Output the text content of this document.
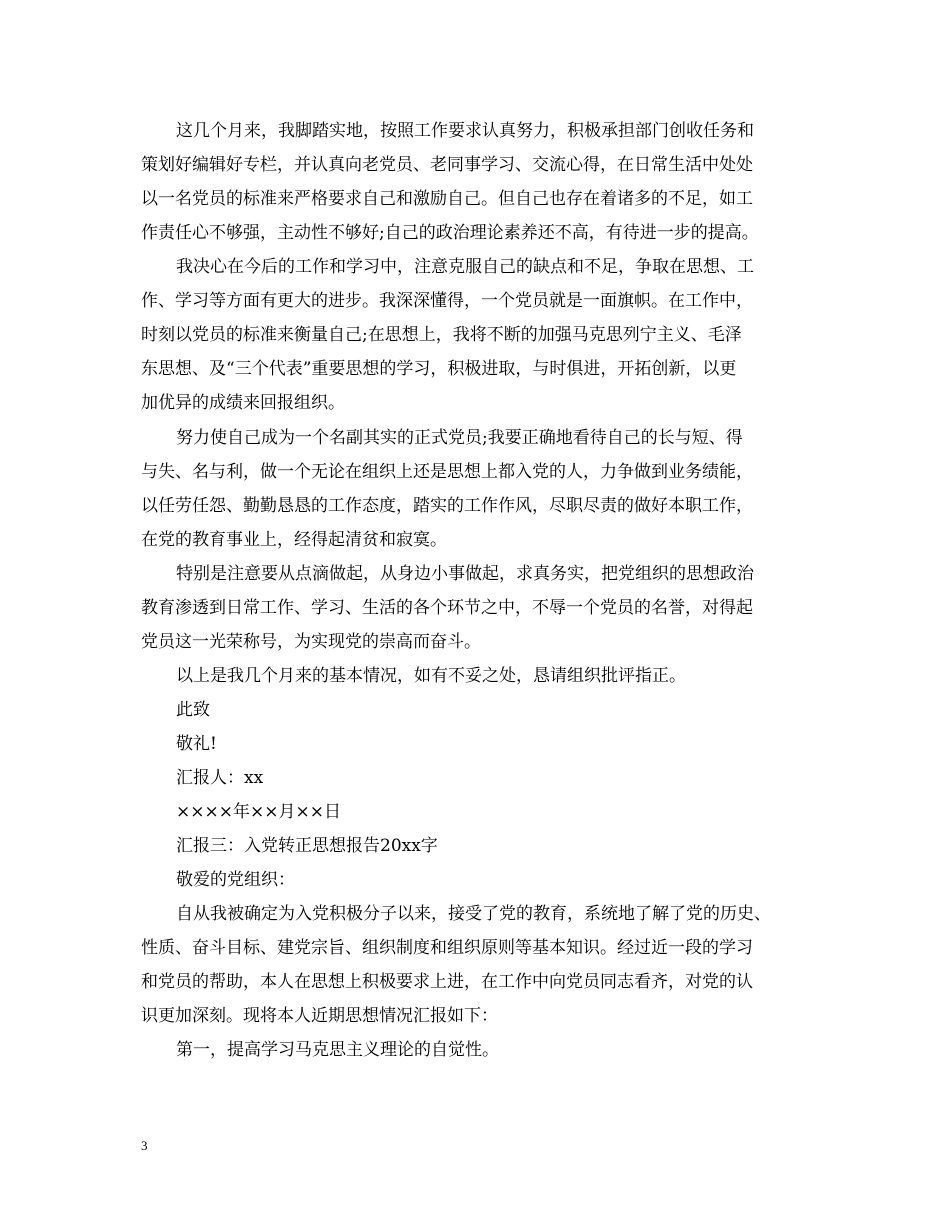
这几个月来，我脚踏实地，按照工作要求认真努力，积极承担部门创收任务和
策划好编辑好专栏，并认真向老党员、老同事学习、交流心得，在日常生活中处处
以一名党员的标准来严格要求自己和激励自己。但自己也存在着诸多的不足，如工
作责任心不够强，主动性不够好;自己的政治理论素养还不高，有待进一步的提高。
我决心在今后的工作和学习中，注意克服自己的缺点和不足，争取在思想、工
作、学习等方面有更大的进步。我深深懂得，一个党员就是一面旗帜。在工作中，
时刻以党员的标准来衡量自己;在思想上，我将不断的加强马克思列宁主义、毛泽
东思想、及“三个代表”重要思想的学习，积极进取，与时俱进，开拓创新，以更
加优异的成绩来回报组织。
努力使自己成为一个名副其实的正式党员;我要正确地看待自己的长与短、得
与失、名与利，做一个无论在组织上还是思想上都入党的人，力争做到业务绩能，
以任劳任怨、勤勤恳恳的工作态度，踏实的工作作风，尽职尽责的做好本职工作，
在党的教育事业上，经得起清贫和寂寞。
特别是注意要从点滴做起，从身边小事做起，求真务实，把党组织的思想政治
教育渗透到日常工作、学习、生活的各个环节之中，不辱一个党员的名誉，对得起
党员这一光荣称号，为实现党的崇高而奋斗。
以上是我几个月来的基本情况，如有不妥之处，恳请组织批评指正。
此致
敬礼!
汇报人：xx
××××年××月××日
汇报三：入党转正思想报告20xx字
敬爱的党组织：
自从我被确定为入党积极分子以来，接受了党的教育，系统地了解了党的历史、
性质、奋斗目标、建党宗旨、组织制度和组织原则等基本知识。经过近一段的学习
和党员的帮助，本人在思想上积极要求上进，在工作中向党员同志看齐，对党的认
识更加深刻。现将本人近期思想情况汇报如下：
第一，提高学习马克思主义理论的自觉性。
3
